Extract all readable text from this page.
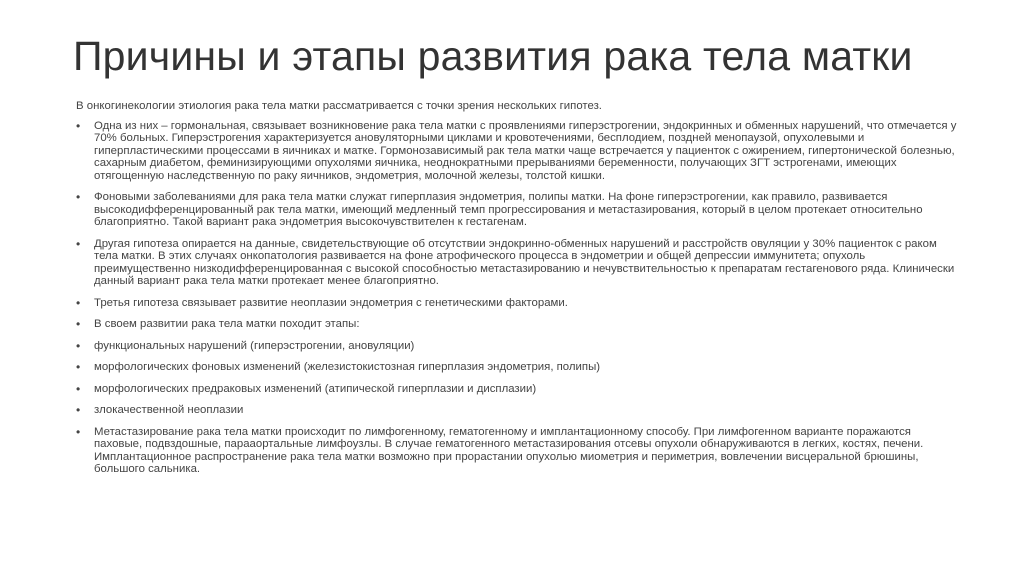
Причины и этапы развития рака тела матки

В онкогинекологии этиология рака тела матки рассматривается с точки зрения нескольких гипотез.

• Одна из них – гормональная, связывает возникновение рака тела матки с проявлениями гиперэстрогении, эндокринных и обменных нарушений, что отмечается у 70% больных. Гиперэстрогения характеризуется ановуляторными циклами и кровотечениями, бесплодием, поздней менопаузой, опухолевыми и гиперпластическими процессами в яичниках и матке. Гормонозависимый рак тела матки чаще встречается у пациенток с ожирением, гипертонической болезнью, сахарным диабетом, феминизирующими опухолями яичника, неоднократными прерываниями беременности, получающих ЗГТ эстрогенами, имеющих отягощенную наследственную по раку яичников, эндометрия, молочной железы, толстой кишки.
• Фоновыми заболеваниями для рака тела матки служат гиперплазия эндометрия, полипы матки. На фоне гиперэстрогении, как правило, развивается высокодифференцированный рак тела матки, имеющий медленный темп прогрессирования и метастазирования, который в целом протекает относительно благоприятно. Такой вариант рака эндометрия высокочувствителен к гестагенам.
• Другая гипотеза опирается на данные, свидетельствующие об отсутствии эндокринно-обменных нарушений и расстройств овуляции у 30% пациенток с раком тела матки. В этих случаях онкопатология развивается на фоне атрофического процесса в эндометрии и общей депрессии иммунитета; опухоль преимущественно низкодифференцированная с высокой способностью метастазированию и нечувствительностью к препаратам гестагенового ряда. Клинически данный вариант рака тела матки протекает менее благоприятно.
• Третья гипотеза связывает развитие неоплазии эндометрия с генетическими факторами.
• В своем развитии рака тела матки походит этапы:
• функциональных нарушений (гиперэстрогении, ановуляции)
• морфологических фоновых изменений (железистокистозная гиперплазия эндометрия, полипы)
• морфологических предраковых изменений (атипической гиперплазии и дисплазии)
• злокачественной неоплазии
• Метастазирование рака тела матки происходит по лимфогенному, гематогенному и имплантационному способу. При лимфогенном варианте поражаются паховые, подвздошные, парааортальные лимфоузлы. В случае гематогенного метастазирования отсевы опухоли обнаруживаются в легких, костях, печени. Имплантационное распространение рака тела матки возможно при прорастании опухолью миометрия и периметрия, вовлечении висцеральной брюшины, большого сальника.
